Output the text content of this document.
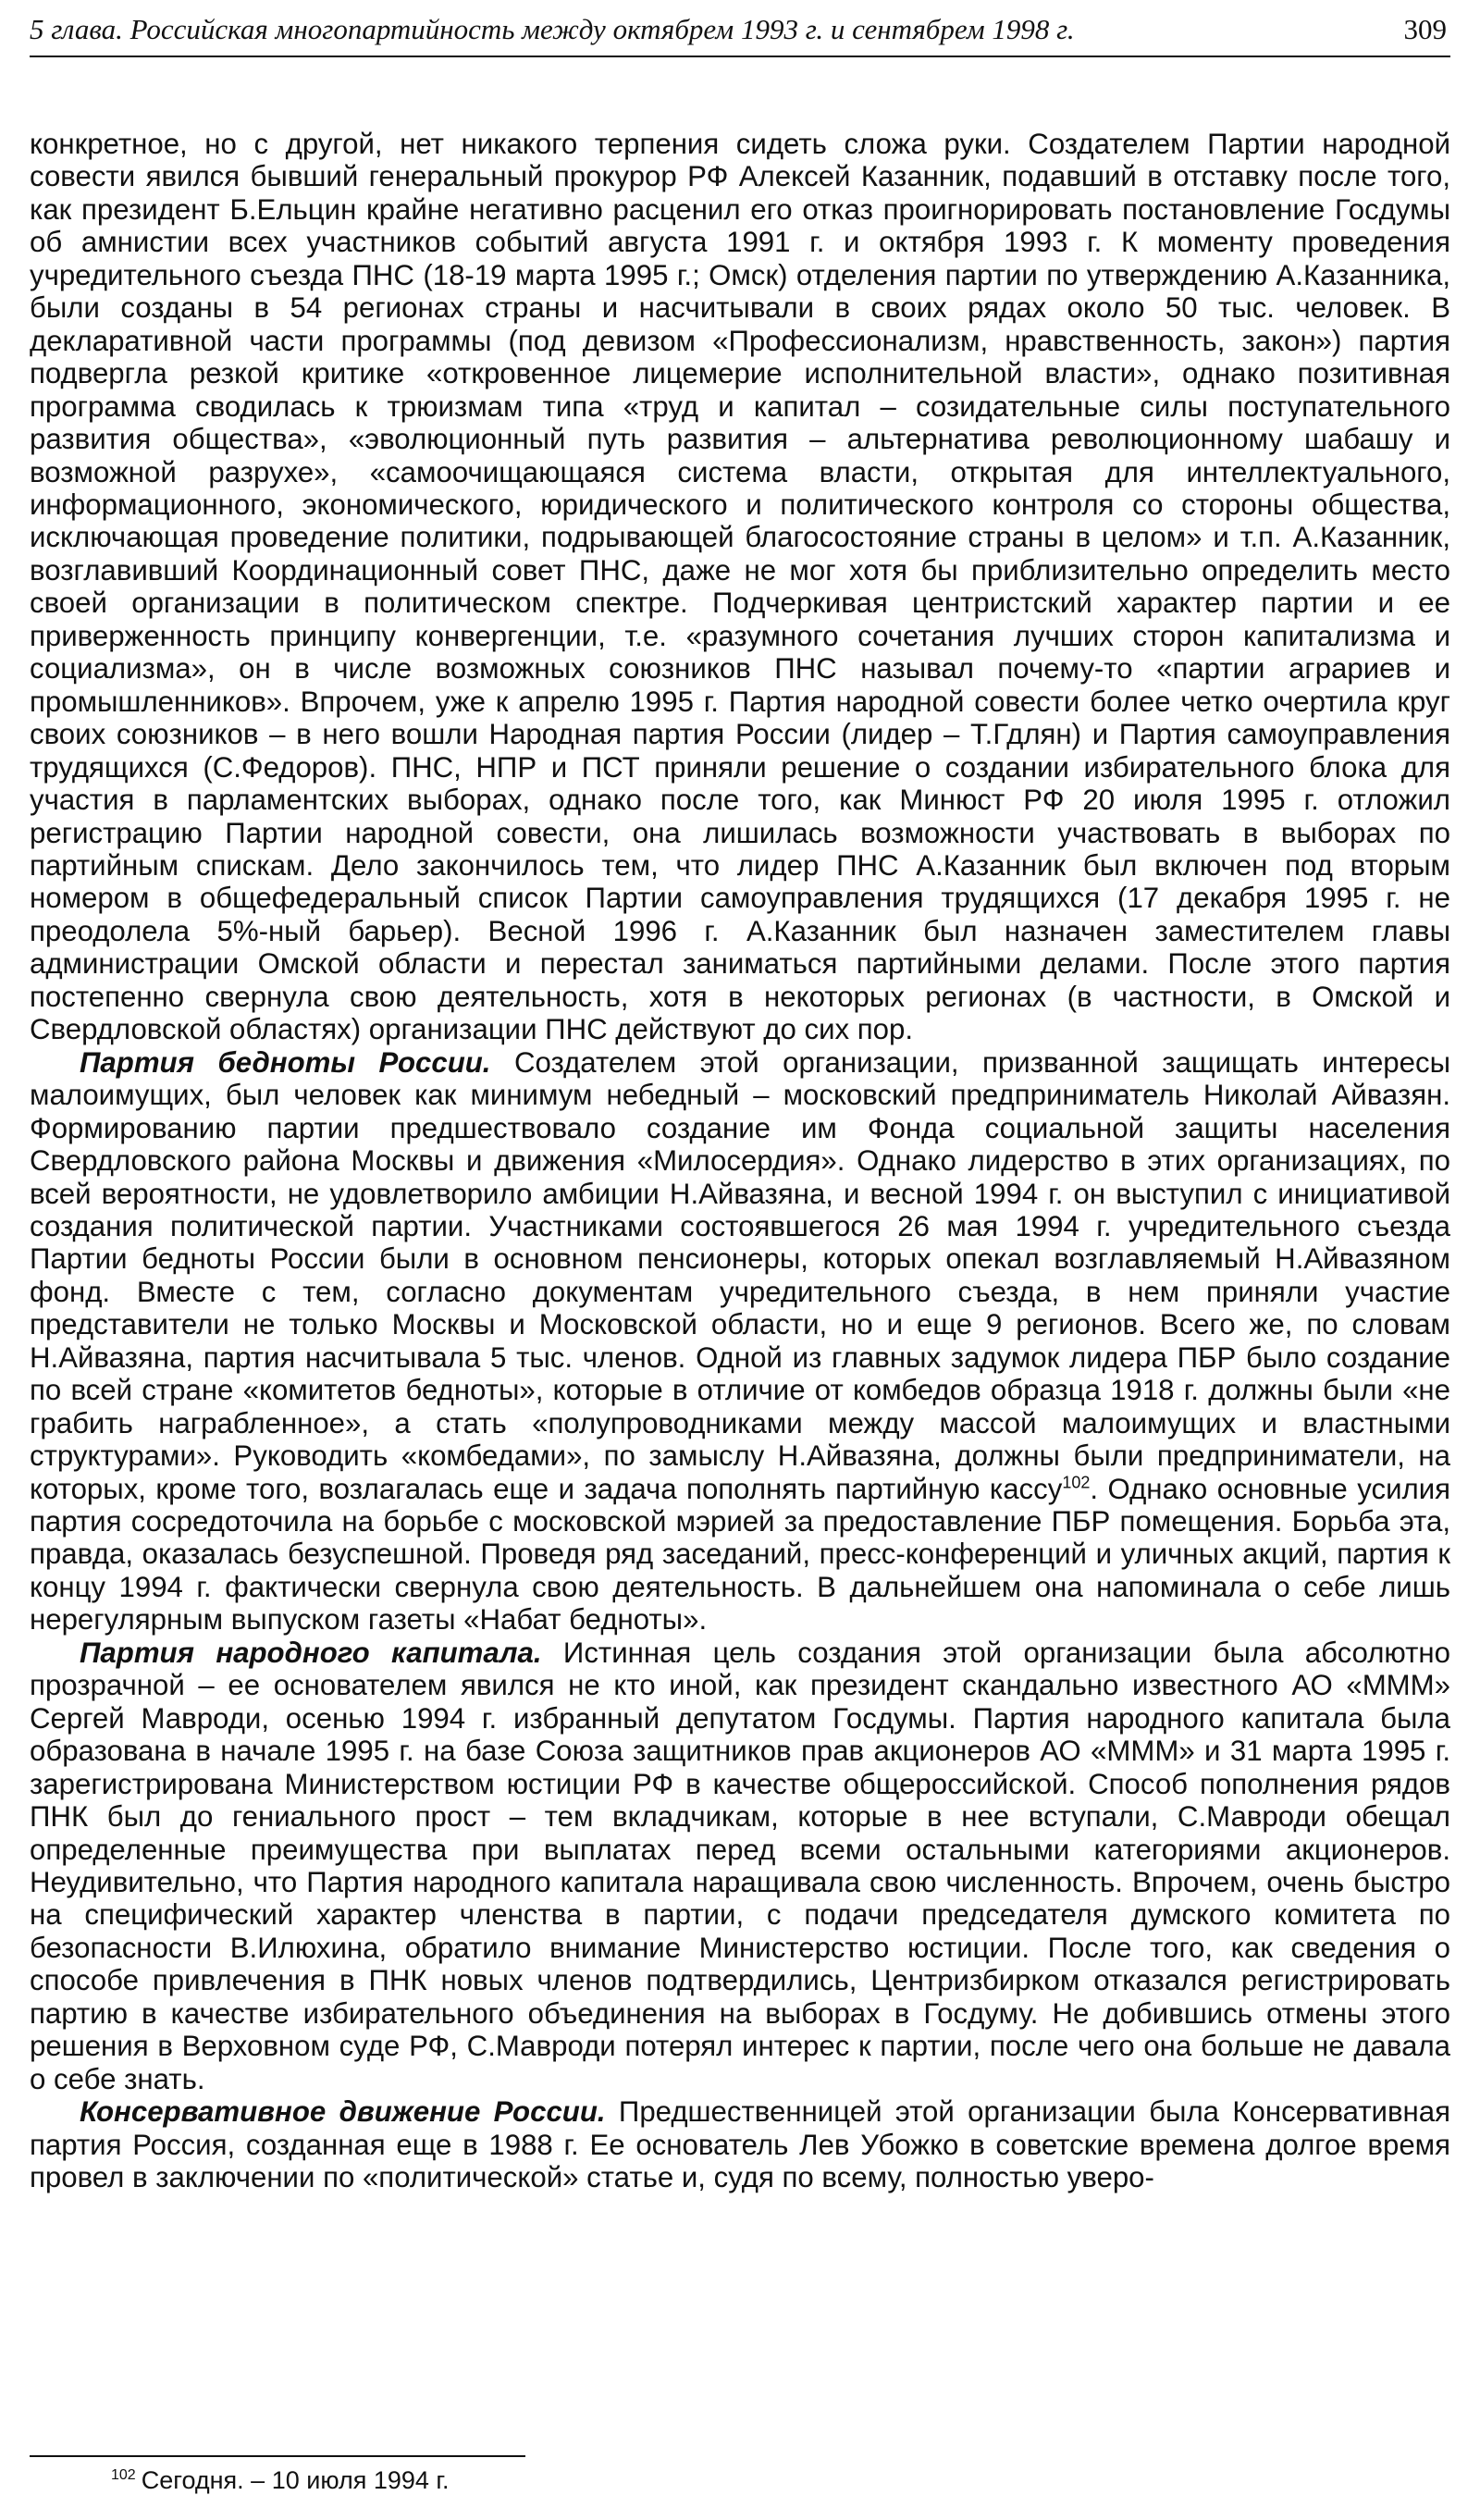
5 глава. Российская многопартийность между октябрем 1993 г. и сентябрем 1998 г.	309

конкретное, но с другой, нет никакого терпения сидеть сложа руки. Создателем Партии народной совести явился бывший генеральный прокурор РФ Алексей Казанник, подавший в отставку после того, как президент Б.Ельцин крайне негативно расценил его отказ проигнорировать постановление Госдумы об амнистии всех участников событий августа 1991 г. и октября 1993 г. К моменту проведения учредительного съезда ПНС (18-19 марта 1995 г.; Омск) отделения партии по утверждению А.Казанника, были созданы в 54 регионах страны и насчитывали в своих рядах около 50 тыс. человек. В декларативной части программы (под девизом «Профессионализм, нравственность, закон») партия подвергла резкой критике «откровенное лицемерие исполнительной власти», однако позитивная программа сводилась к трюизмам типа «труд и капитал – созидательные силы поступательного развития общества», «эволюционный путь развития – альтернатива революционному шабашу и возможной разрухе», «самоочищающаяся система власти, открытая для интеллектуального, информационного, экономического, юридического и политического контроля со стороны общества, исключающая проведение политики, подрывающей благосостояние страны в целом» и т.п. А.Казанник, возглавивший Координационный совет ПНС, даже не мог хотя бы приблизительно определить место своей организации в политическом спектре. Подчеркивая центристский характер партии и ее приверженность принципу конвергенции, т.е. «разумного сочетания лучших сторон капитализма и социализма», он в числе возможных союзников ПНС называл почему-то «партии аграриев и промышленников». Впрочем, уже к апрелю 1995 г. Партия народной совести более четко очертила круг своих союзников – в него вошли Народная партия России (лидер – Т.Гдлян) и Партия самоуправления трудящихся (С.Федоров). ПНС, НПР и ПСТ приняли решение о создании избирательного блока для участия в парламентских выборах, однако после того, как Минюст РФ 20 июля 1995 г. отложил регистрацию Партии народной совести, она лишилась возможности участвовать в выборах по партийным спискам. Дело закончилось тем, что лидер ПНС А.Казанник был включен под вторым номером в общефедеральный список Партии самоуправления трудящихся (17 декабря 1995 г. не преодолела 5%-ный барьер). Весной 1996 г. А.Казанник был назначен заместителем главы администрации Омской области и перестал заниматься партийными делами. После этого партия постепенно свернула свою деятельность, хотя в некоторых регионах (в частности, в Омской и Свердловской областях) организации ПНС действуют до сих пор.

Партия бедноты России. Создателем этой организации, призванной защищать интересы малоимущих, был человек как минимум небедный – московский предприниматель Николай Айвазян. Формированию партии предшествовало создание им Фонда социальной защиты населения Свердловского района Москвы и движения «Милосердия». Однако лидерство в этих организациях, по всей вероятности, не удовлетворило амбиции Н.Айвазяна, и весной 1994 г. он выступил с инициативой создания политической партии. Участниками состоявшегося 26 мая 1994 г. учредительного съезда Партии бедноты России были в основном пенсионеры, которых опекал возглавляемый Н.Айвазяном фонд. Вместе с тем, согласно документам учредительного съезда, в нем приняли участие представители не только Москвы и Московской области, но и еще 9 регионов. Всего же, по словам Н.Айвазяна, партия насчитывала 5 тыс. членов. Одной из главных задумок лидера ПБР было создание по всей стране «комитетов бедноты», которые в отличие от комбедов образца 1918 г. должны были «не грабить награбленное», а стать «полупроводниками между массой малоимущих и властными структурами». Руководить «комбедами», по замыслу Н.Айвазяна, должны были предприниматели, на которых, кроме того, возлагалась еще и задача пополнять партийную кассу$^{102}$. Однако основные усилия партия сосредоточила на борьбе с московской мэрией за предоставление ПБР помещения. Борьба эта, правда, оказалась безуспешной. Проведя ряд заседаний, пресс-конференций и уличных акций, партия к концу 1994 г. фактически свернула свою деятельность. В дальнейшем она напоминала о себе лишь нерегулярным выпуском газеты «Набат бедноты».

Партия народного капитала. Истинная цель создания этой организации была абсолютно прозрачной – ее основателем явился не кто иной, как президент скандально известного АО «МММ» Сергей Мавроди, осенью 1994 г. избранный депутатом Госдумы. Партия народного капитала была образована в начале 1995 г. на базе Союза защитников прав акционеров АО «МММ» и 31 марта 1995 г. зарегистрирована Министерством юстиции РФ в качестве общероссийской. Способ пополнения рядов ПНК был до гениального прост – тем вкладчикам, которые в нее вступали, С.Мавроди обещал определенные преимущества при выплатах перед всеми остальными категориями акционеров. Неудивительно, что Партия народного капитала наращивала свою численность. Впрочем, очень быстро на специфический характер членства в партии, с подачи председателя думского комитета по безопасности В.Илюхина, обратило внимание Министерство юстиции. После того, как сведения о способе привлечения в ПНК новых членов подтвердились, Центризбирком отказался регистрировать партию в качестве избирательного объединения на выборах в Госдуму. Не добившись отмены этого решения в Верховном суде РФ, С.Мавроди потерял интерес к партии, после чего она больше не давала о себе знать.

Консервативное движение России. Предшественницей этой организации была Консервативная партия Россия, созданная еще в 1988 г. Ее основатель Лев Убожко в советские времена долгое время провел в заключении по «политической» статье и, судя по всему, полностью уверо-

$^{102}$ Сегодня. – 10 июля 1994 г.
